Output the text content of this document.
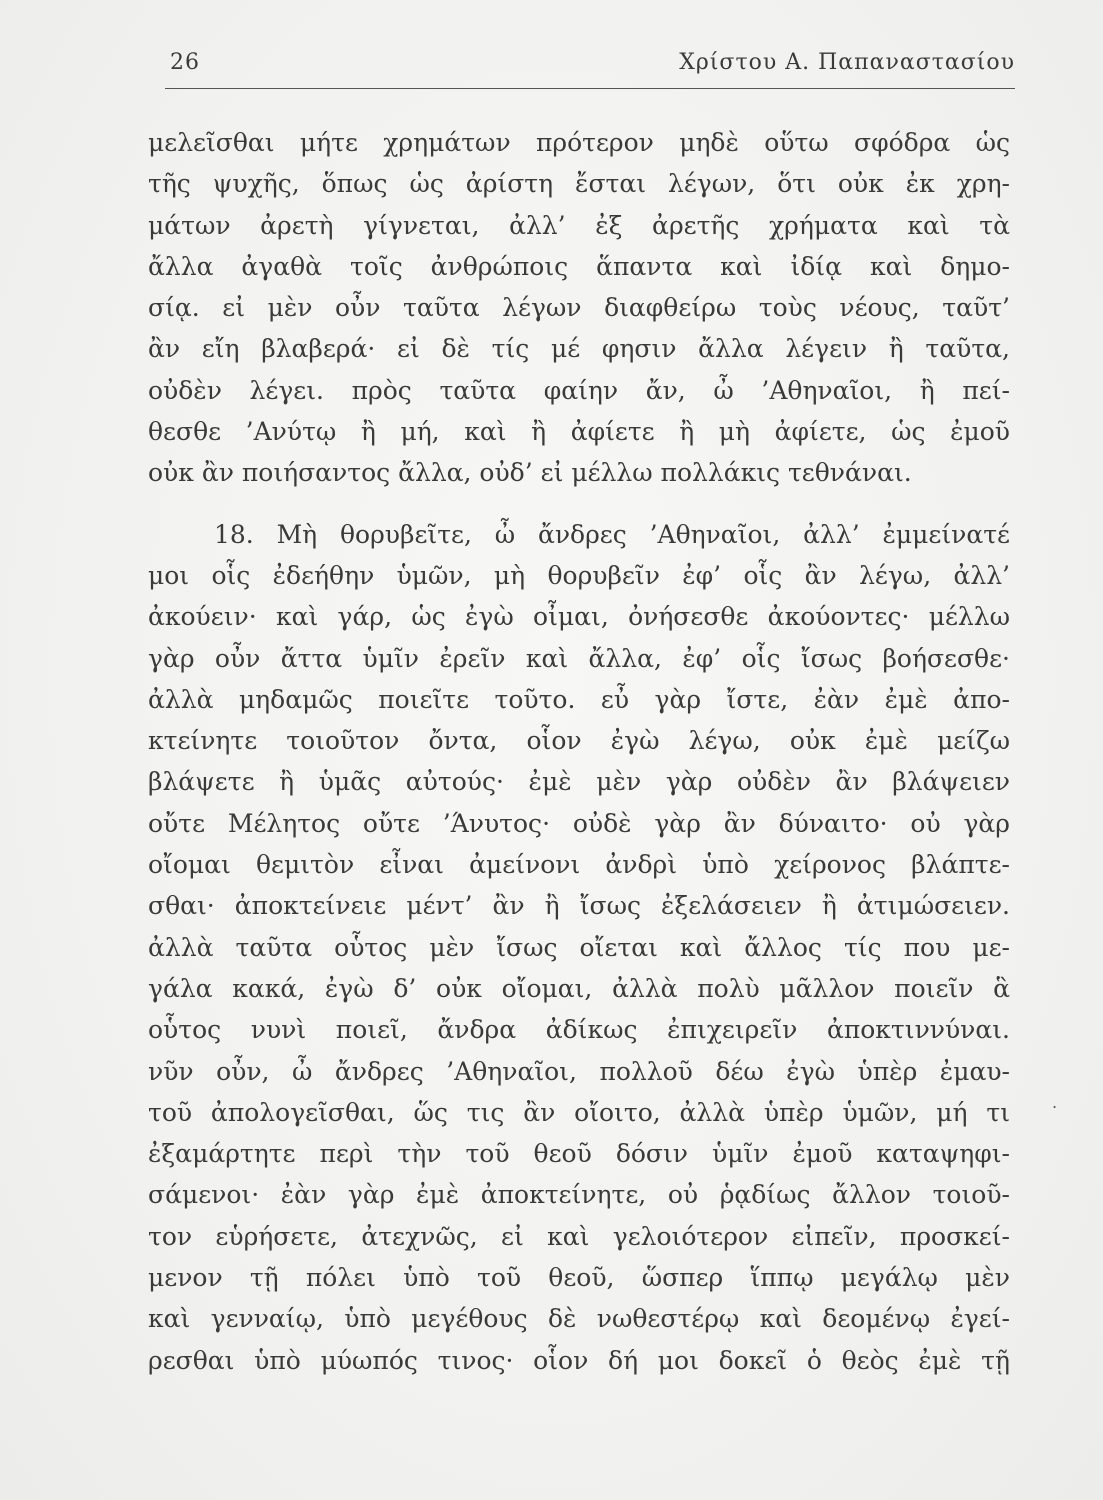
26	Χρίστου Α. Παπαναστασίου
μελεῖσθαι μήτε χρημάτων πρότερον μηδὲ οὕτω σφόδρα ὡς
τῆς ψυχῆς, ὅπως ὡς ἀρίστη ἔσται λέγων, ὅτι οὐκ ἐκ χρη-
μάτων ἀρετὴ γίγνεται, ἀλλ’ ἐξ ἀρετῆς χρήματα καὶ τὰ
ἄλλα ἀγαθὰ τοῖς ἀνθρώποις ἅπαντα καὶ ἰδίᾳ καὶ δημο-
σίᾳ. εἰ μὲν οὖν ταῦτα λέγων διαφθείρω τοὺς νέους, ταῦτ’
ἂν εἴη βλαβερά· εἰ δὲ τίς μέ φησιν ἄλλα λέγειν ἢ ταῦτα,
οὐδὲν λέγει. πρὸς ταῦτα φαίην ἄν, ὦ ’Αθηναῖοι, ἢ πεί-
θεσθε ’Ανύτῳ ἢ μή, καὶ ἢ ἀφίετε ἢ μὴ ἀφίετε, ὡς ἐμοῦ
οὐκ ἂν ποιήσαντος ἄλλα, οὐδ’ εἰ μέλλω πολλάκις τεθνάναι.
18. Μὴ θορυβεῖτε, ὦ ἄνδρες ’Αθηναῖοι, ἀλλ’ ἐμμείνατέ
μοι οἷς ἐδεήθην ὑμῶν, μὴ θορυβεῖν ἐφ’ οἷς ἂν λέγω, ἀλλ’
ἀκούειν· καὶ γάρ, ὡς ἐγὼ οἶμαι, ὀνήσεσθε ἀκούοντες· μέλλω
γὰρ οὖν ἄττα ὑμῖν ἐρεῖν καὶ ἄλλα, ἐφ’ οἷς ἴσως βοήσεσθε·
ἀλλὰ μηδαμῶς ποιεῖτε τοῦτο. εὖ γὰρ ἴστε, ἐὰν ἐμὲ ἀπο-
κτείνητε τοιοῦτον ὄντα, οἷον ἐγὼ λέγω, οὐκ ἐμὲ μείζω
βλάψετε ἢ ὑμᾶς αὐτούς· ἐμὲ μὲν γὰρ οὐδὲν ἂν βλάψειεν
οὔτε Μέλητος οὔτε ’Άνυτος· οὐδὲ γὰρ ἂν δύναιτο· οὐ γὰρ
οἴομαι θεμιτὸν εἶναι ἀμείνονι ἀνδρὶ ὑπὸ χείρονος βλάπτε-
σθαι· ἀποκτείνειε μέντ’ ἂν ἢ ἴσως ἐξελάσειεν ἢ ἀτιμώσειεν.
ἀλλὰ ταῦτα οὗτος μὲν ἴσως οἴεται καὶ ἄλλος τίς που με-
γάλα κακά, ἐγὼ δ’ οὐκ οἴομαι, ἀλλὰ πολὺ μᾶλλον ποιεῖν ἃ
οὗτος νυνὶ ποιεῖ, ἄνδρα ἀδίκως ἐπιχειρεῖν ἀποκτιννύναι.
νῦν οὖν, ὦ ἄνδρες ’Αθηναῖοι, πολλοῦ δέω ἐγὼ ὑπὲρ ἐμαυ-
τοῦ ἀπολογεῖσθαι, ὥς τις ἂν οἴοιτο, ἀλλὰ ὑπὲρ ὑμῶν, μή τι
ἐξαμάρτητε περὶ τὴν τοῦ θεοῦ δόσιν ὑμῖν ἐμοῦ καταψηφι-
σάμενοι· ἐὰν γὰρ ἐμὲ ἀποκτείνητε, οὐ ῥᾳδίως ἄλλον τοιοῦ-
τον εὑρήσετε, ἀτεχνῶς, εἰ καὶ γελοιότερον εἰπεῖν, προσκεί-
μενον τῇ πόλει ὑπὸ τοῦ θεοῦ, ὥσπερ ἵππῳ μεγάλῳ μὲν
καὶ γενναίῳ, ὑπὸ μεγέθους δὲ νωθεστέρῳ καὶ δεομένῳ ἐγεί-
ρεσθαι ὑπὸ μύωπός τινος· οἷον δή μοι δοκεῖ ὁ θεὸς ἐμὲ τῇ
.
